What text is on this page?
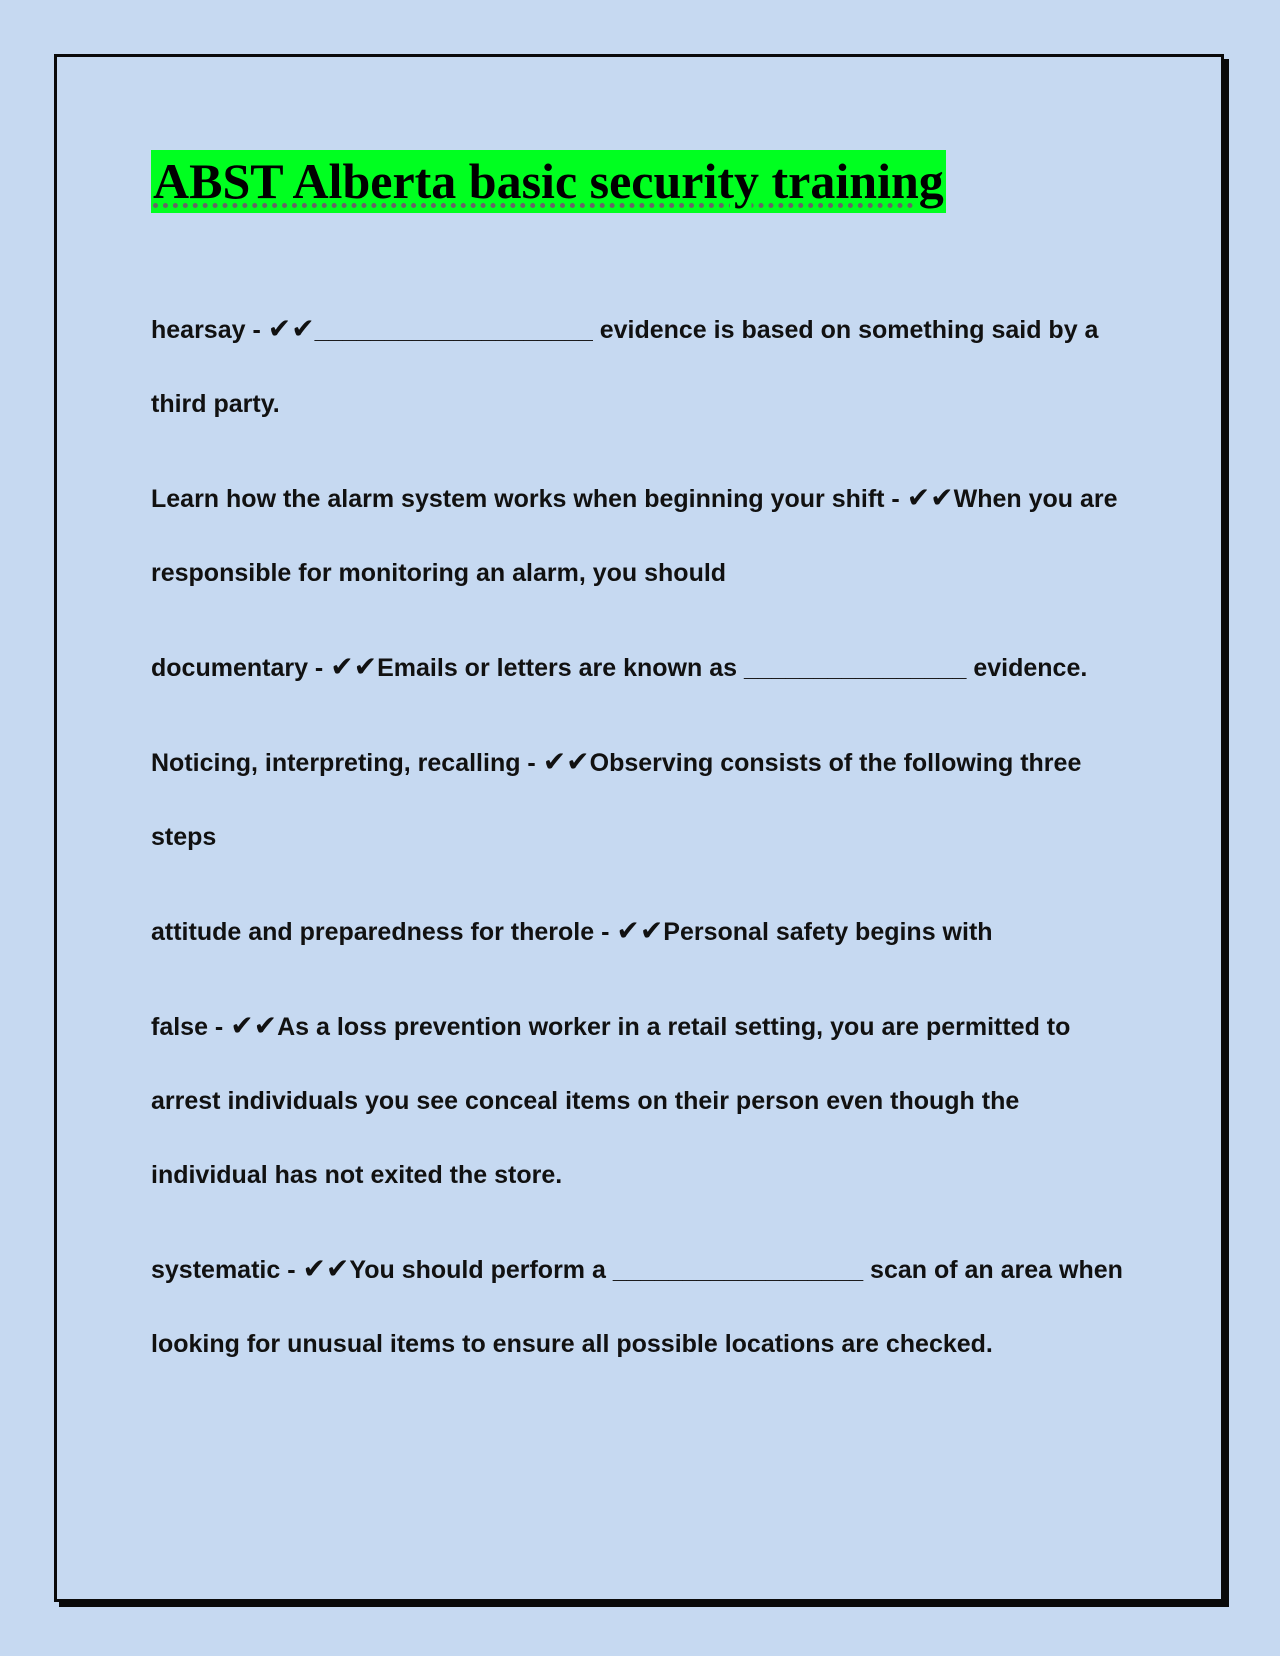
ABST Alberta basic security training

hearsay - ✔︎✔︎____________________ evidence is based on something said by a third party.

Learn how the alarm system works when beginning your shift - ✔︎✔︎When you are responsible for monitoring an alarm, you should

documentary - ✔︎✔︎Emails or letters are known as ________________ evidence.

Noticing, interpreting, recalling - ✔︎✔︎Observing consists of the following three steps

attitude and preparedness for therole - ✔︎✔︎Personal safety begins with

false - ✔︎✔︎As a loss prevention worker in a retail setting, you are permitted to arrest individuals you see conceal items on their person even though the individual has not exited the store.

systematic - ✔︎✔︎You should perform a __________________ scan of an area when looking for unusual items to ensure all possible locations are checked.
